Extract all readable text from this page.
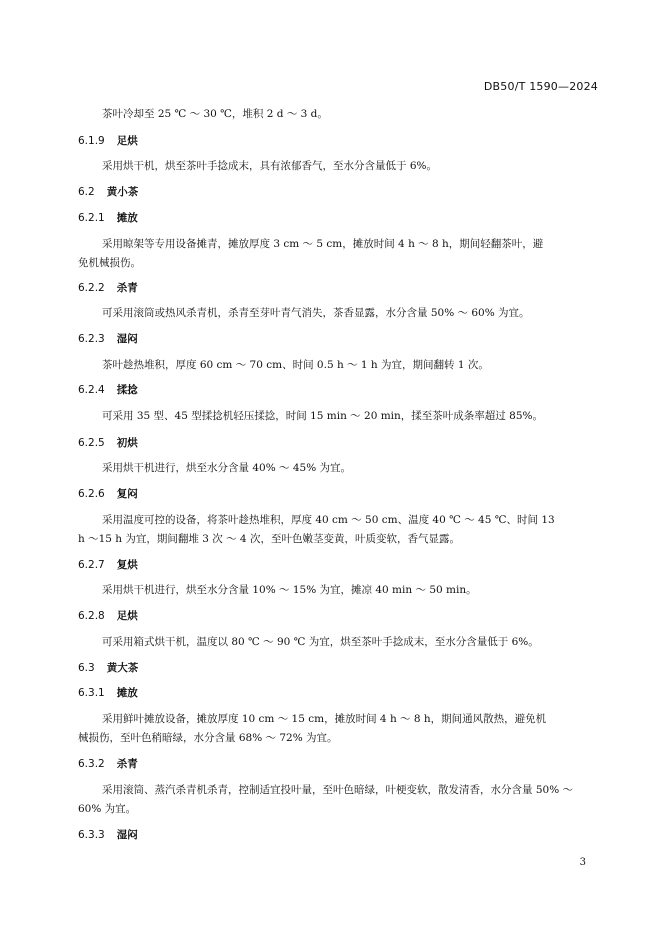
DB50/T 1590—2024
茶叶冷却至 25 ℃ ～ 30 ℃，堆积 2 d ～ 3 d。
6.1.9 足烘
采用烘干机，烘至茶叶手捻成末，具有浓郁香气，至水分含量低于 6%。
6.2 黄小茶
6.2.1 摊放
采用晾架等专用设备摊青，摊放厚度 3 cm ～ 5 cm，摊放时间 4 h ～ 8 h，期间轻翻茶叶，避
免机械损伤。
6.2.2 杀青
可采用滚筒或热风杀青机，杀青至芽叶青气消失，茶香显露，水分含量 50% ～ 60% 为宜。
6.2.3 湿闷
茶叶趁热堆积，厚度 60 cm ～ 70 cm、时间 0.5 h ～ 1 h 为宜，期间翻转 1 次。
6.2.4 揉捻
可采用 35 型、45 型揉捻机轻压揉捻，时间 15 min ～ 20 min，揉至茶叶成条率超过 85%。
6.2.5 初烘
采用烘干机进行，烘至水分含量 40% ～ 45% 为宜。
6.2.6 复闷
采用温度可控的设备，将茶叶趁热堆积，厚度 40 cm ～ 50 cm、温度 40 ℃ ～ 45 ℃、时间 13
h ～15 h 为宜，期间翻堆 3 次 ～ 4 次，至叶色嫩茎变黄，叶质变软，香气显露。
6.2.7 复烘
采用烘干机进行，烘至水分含量 10% ～ 15% 为宜，摊凉 40 min ～ 50 min。
6.2.8 足烘
可采用箱式烘干机，温度以 80 ℃ ～ 90 ℃ 为宜，烘至茶叶手捻成末，至水分含量低于 6%。
6.3 黄大茶
6.3.1 摊放
采用鲜叶摊放设备，摊放厚度 10 cm ～ 15 cm，摊放时间 4 h ～ 8 h，期间通风散热，避免机
械损伤，至叶色稍暗绿，水分含量 68% ～ 72% 为宜。
6.3.2 杀青
采用滚筒、蒸汽杀青机杀青，控制适宜投叶量，至叶色暗绿，叶梗变软，散发清香，水分含量 50% ～
60% 为宜。
6.3.3 湿闷
3
